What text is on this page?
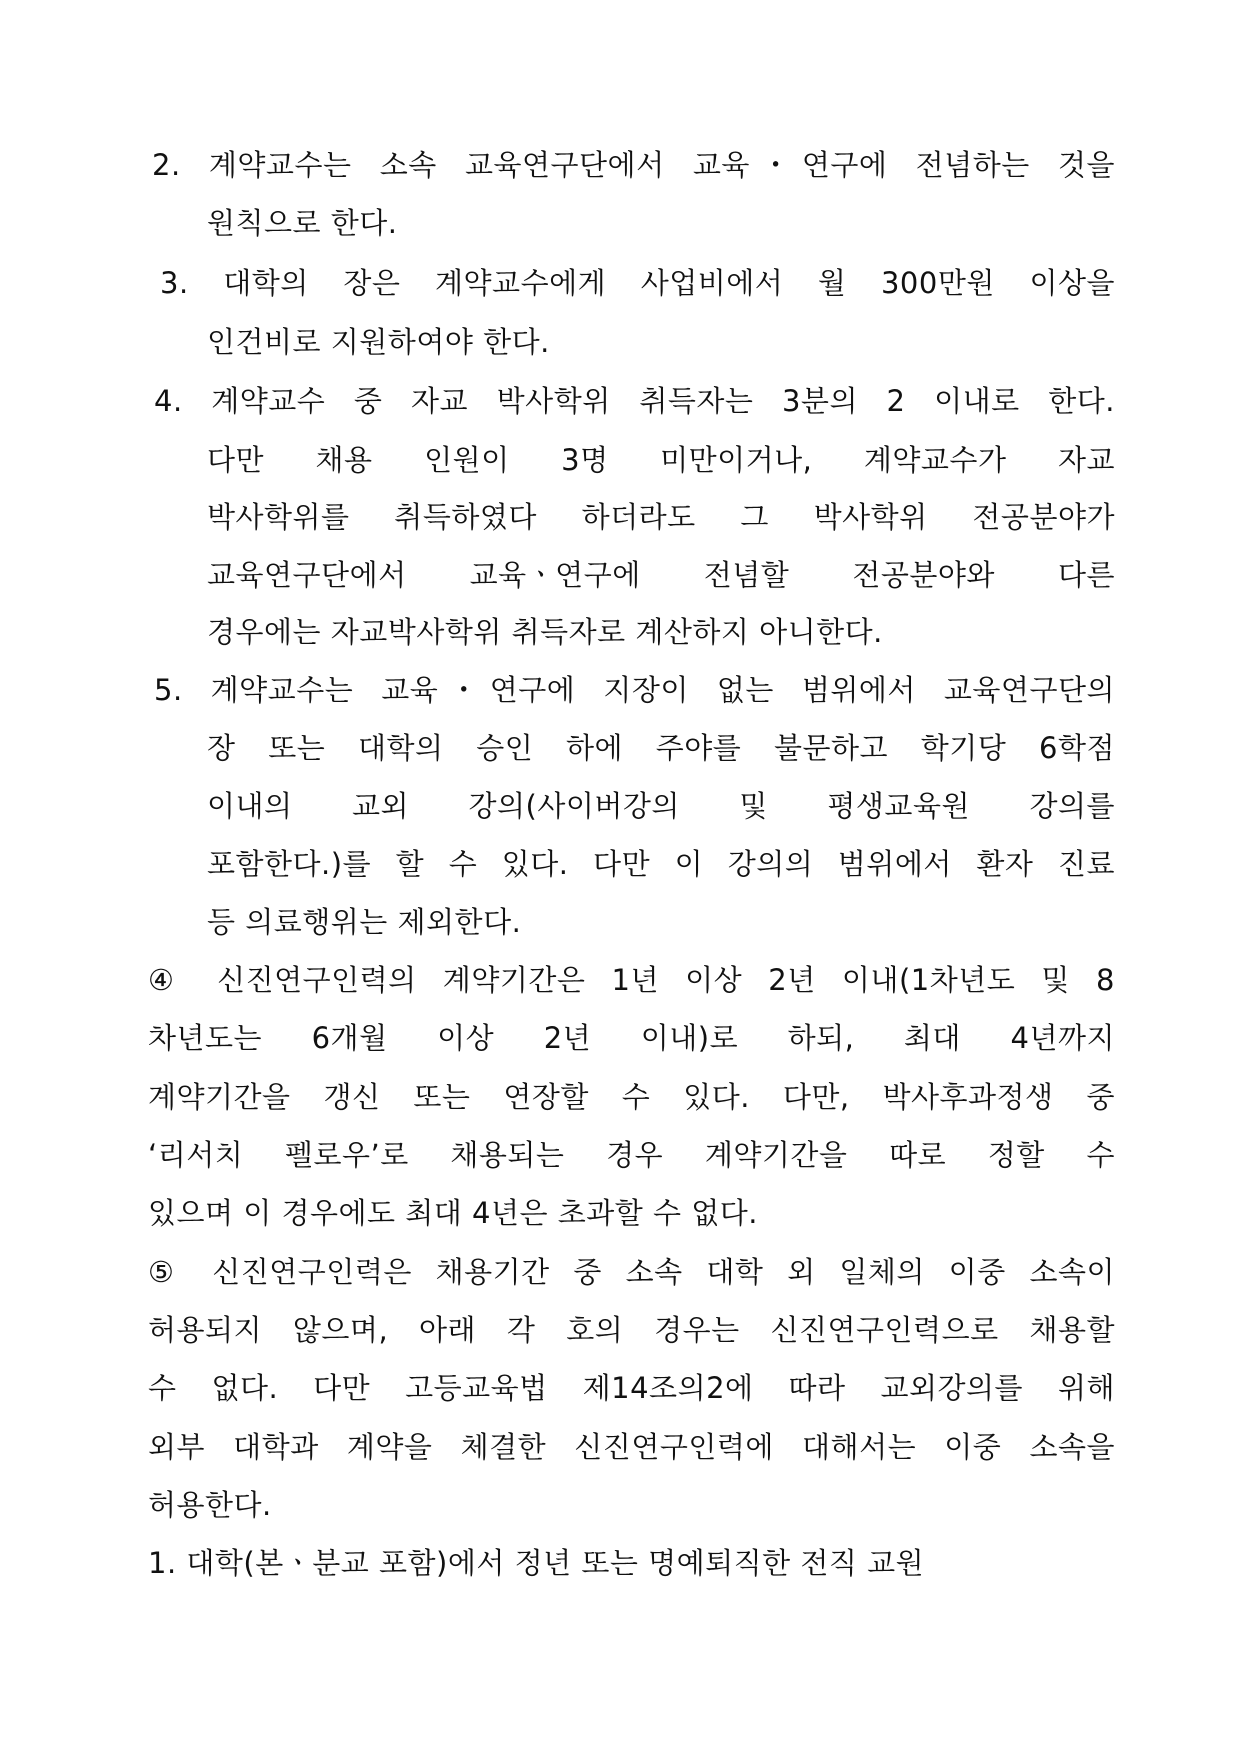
2. 계약교수는 소속 교육연구단에서 교육･연구에 전념하는 것을
원칙으로 한다.
3. 대학의 장은 계약교수에게 사업비에서 월 300만원 이상을
인건비로 지원하여야 한다.
4. 계약교수 중 자교 박사학위 취득자는 3분의 2 이내로 한다.
다만 채용 인원이 3명 미만이거나, 계약교수가 자교
박사학위를 취득하였다 하더라도 그 박사학위 전공분야가
교육연구단에서 교육ㆍ연구에 전념할 전공분야와 다른
경우에는 자교박사학위 취득자로 계산하지 아니한다.
5. 계약교수는 교육･연구에 지장이 없는 범위에서 교육연구단의
장 또는 대학의 승인 하에 주야를 불문하고 학기당 6학점
이내의 교외 강의(사이버강의 및 평생교육원 강의를
포함한다.)를 할 수 있다. 다만 이 강의의 범위에서 환자 진료
등 의료행위는 제외한다.
④ 신진연구인력의 계약기간은 1년 이상 2년 이내(1차년도 및 8
차년도는 6개월 이상 2년 이내)로 하되, 최대 4년까지
계약기간을 갱신 또는 연장할 수 있다. 다만, 박사후과정생 중
‘리서치 펠로우’로 채용되는 경우 계약기간을 따로 정할 수
있으며 이 경우에도 최대 4년은 초과할 수 없다.
⑤ 신진연구인력은 채용기간 중 소속 대학 외 일체의 이중 소속이
허용되지 않으며, 아래 각 호의 경우는 신진연구인력으로 채용할
수 없다. 다만 고등교육법 제14조의2에 따라 교외강의를 위해
외부 대학과 계약을 체결한 신진연구인력에 대해서는 이중 소속을
허용한다.
1. 대학(본ㆍ분교 포함)에서 정년 또는 명예퇴직한 전직 교원
